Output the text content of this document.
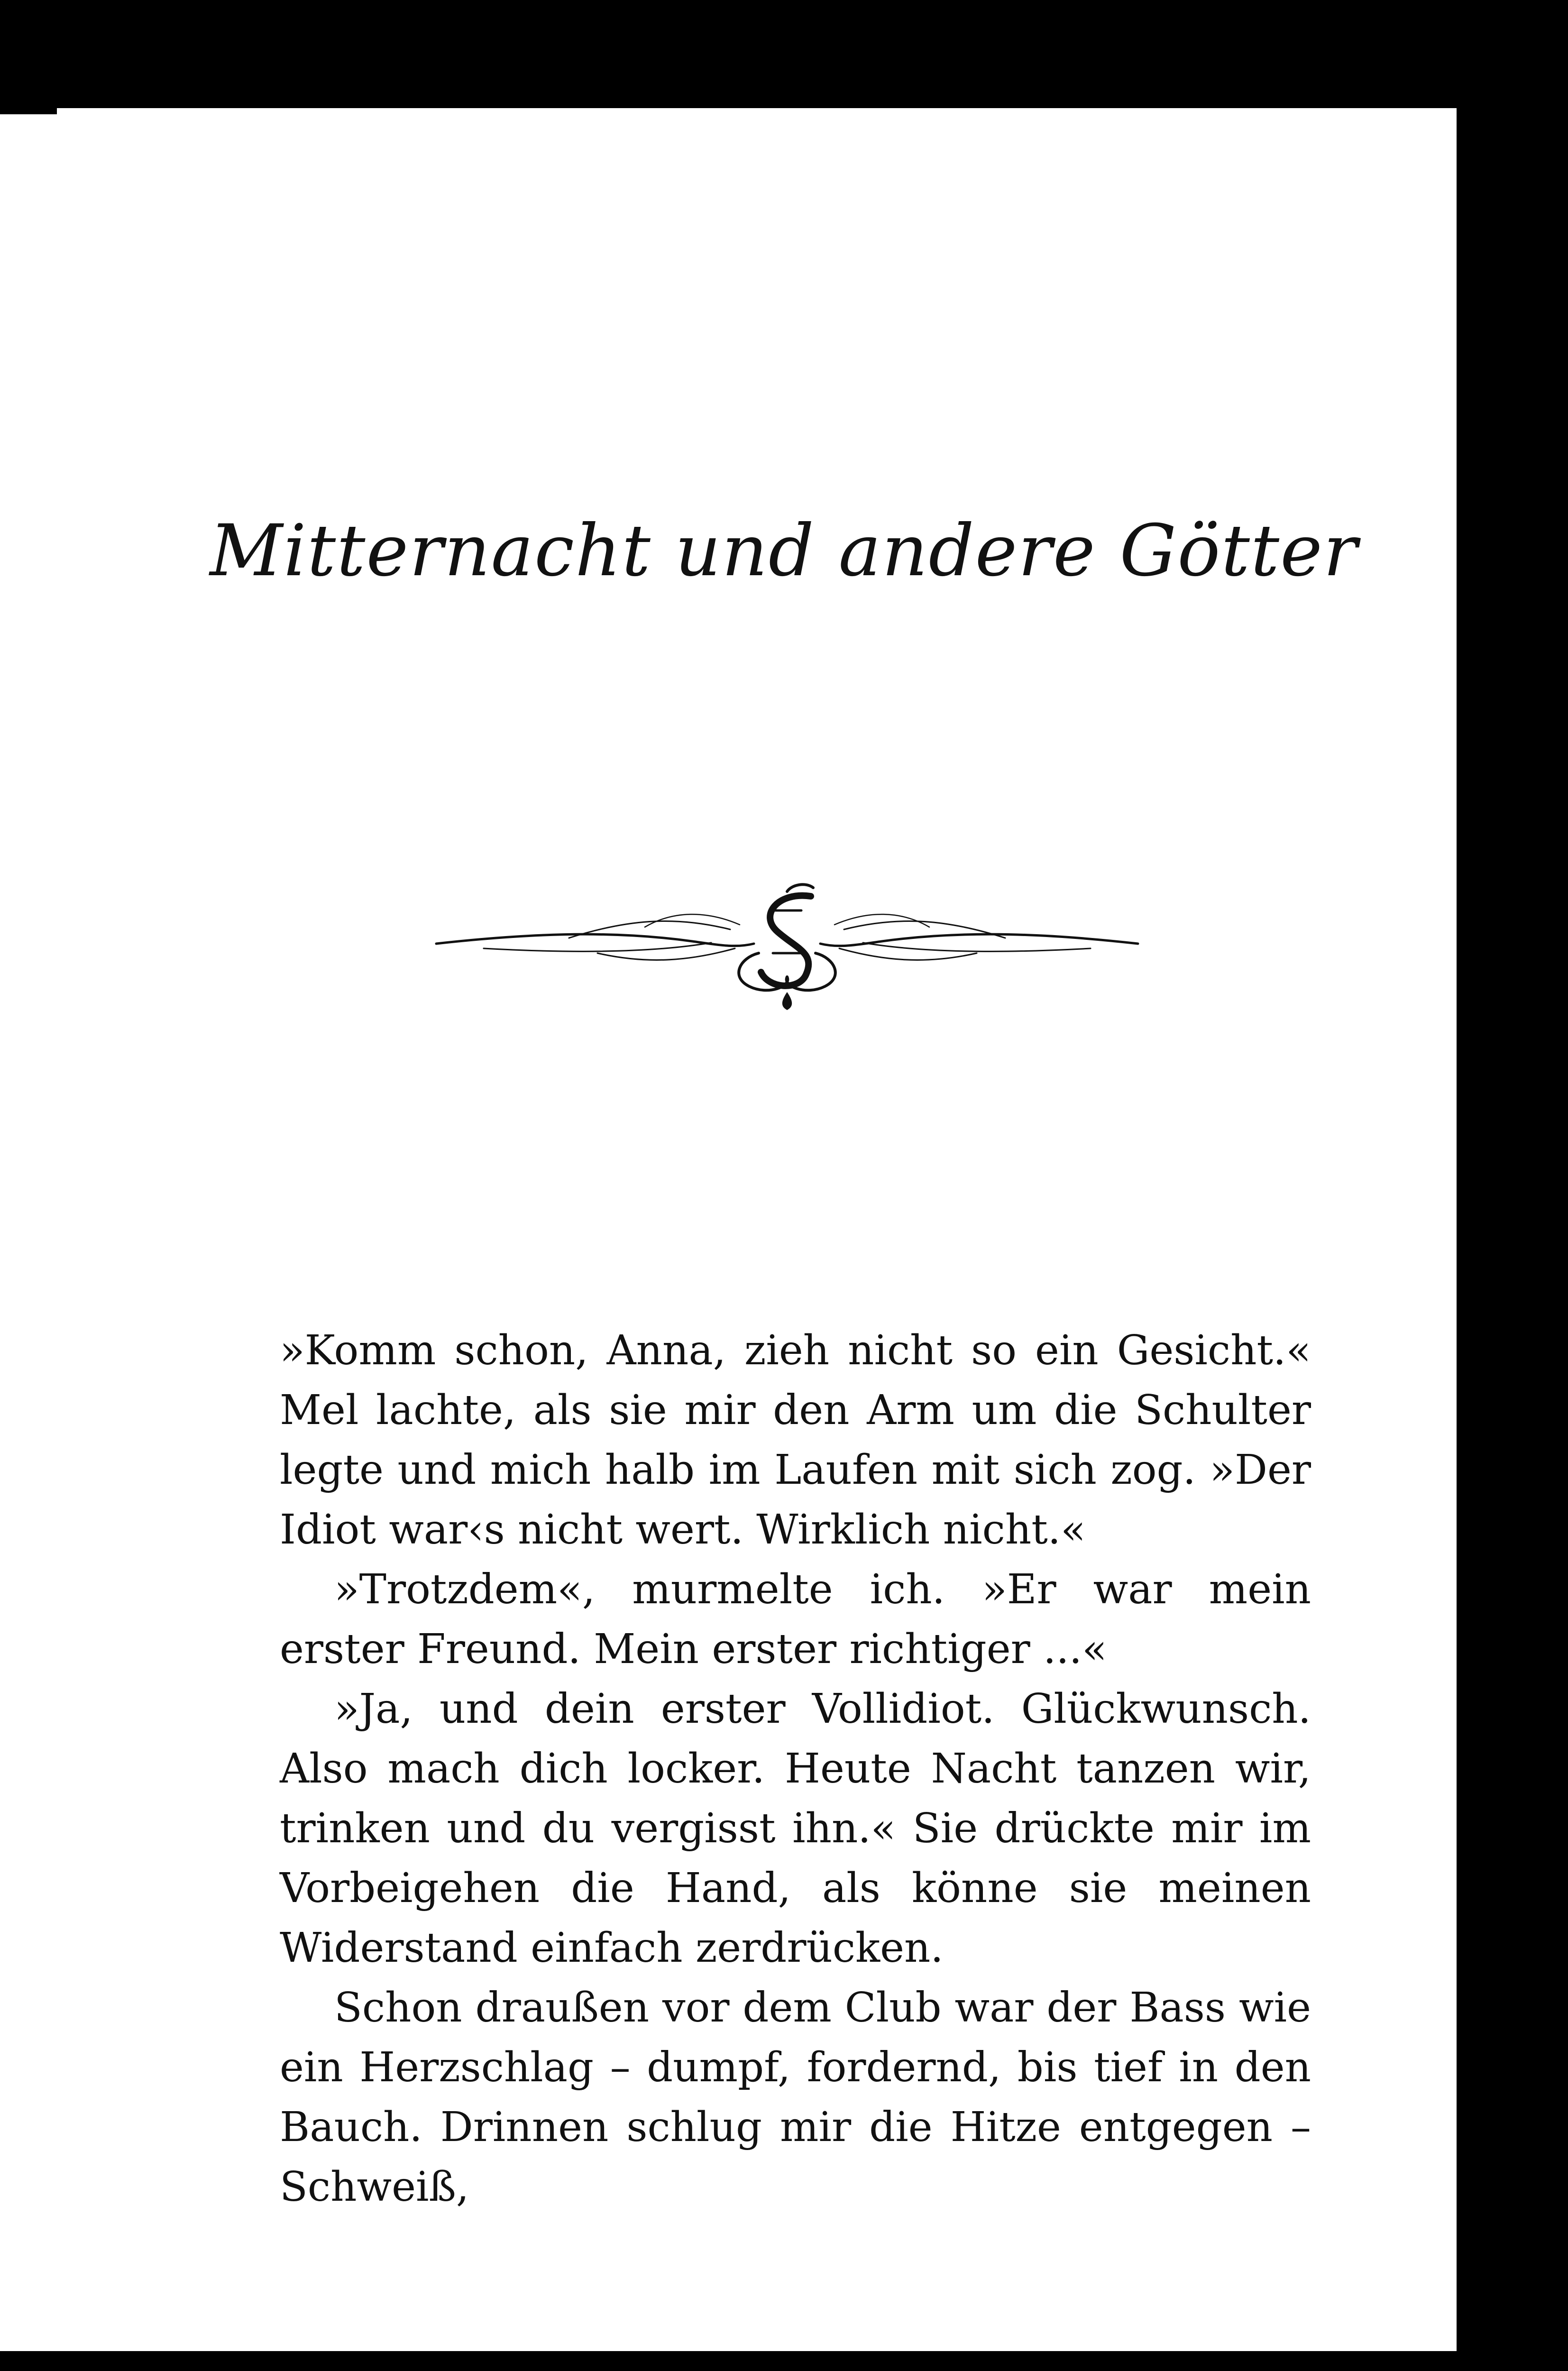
Mitternacht und andere Götter

»Komm schon, Anna, zieh nicht so ein Gesicht.« Mel lachte, als sie mir den Arm um die Schulter legte und mich halb im Laufen mit sich zog. »Der Idiot war‹s nicht wert. Wirklich nicht.«

»Trotzdem«, murmelte ich. »Er war mein erster Freund. Mein erster richtiger ...«

»Ja, und dein erster Vollidiot. Glückwunsch. Also mach dich locker. Heute Nacht tanzen wir, trinken und du vergisst ihn.« Sie drückte mir im Vorbeigehen die Hand, als könne sie meinen Widerstand einfach zerdrücken.

Schon draußen vor dem Club war der Bass wie ein Herzschlag – dumpf, fordernd, bis tief in den Bauch. Drinnen schlug mir die Hitze entgegen – Schweiß,
